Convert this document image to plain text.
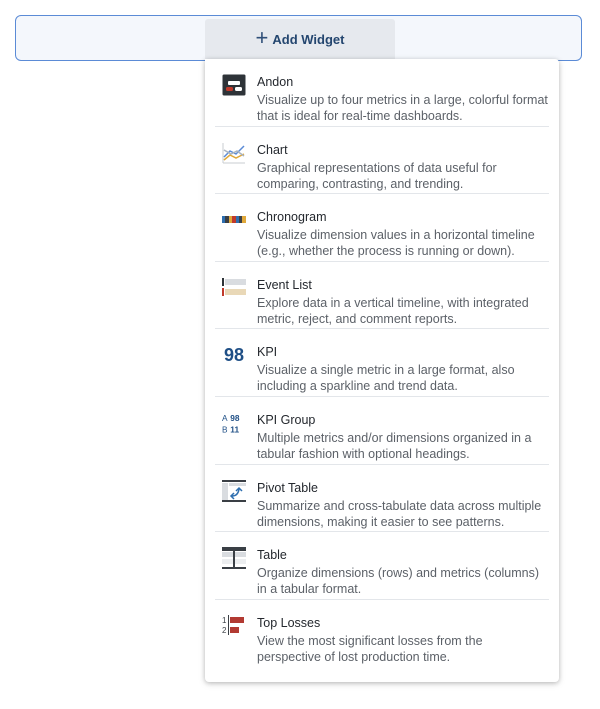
+ Add Widget
Andon
Visualize up to four metrics in a large, colorful format that is ideal for real-time dashboards.
Chart
Graphical representations of data useful for comparing, contrasting, and trending.
Chronogram
Visualize dimension values in a horizontal timeline (e.g., whether the process is running or down).
Event List
Explore data in a vertical timeline, with integrated metric, reject, and comment reports.
98 KPI
Visualize a single metric in a large format, also including a sparkline and trend data.
A 98
B 11
KPI Group
Multiple metrics and/or dimensions organized in a tabular fashion with optional headings.
Pivot Table
Summarize and cross-tabulate data across multiple dimensions, making it easier to see patterns.
Table
Organize dimensions (rows) and metrics (columns) in a tabular format.
1
2
Top Losses
View the most significant losses from the perspective of lost production time.
